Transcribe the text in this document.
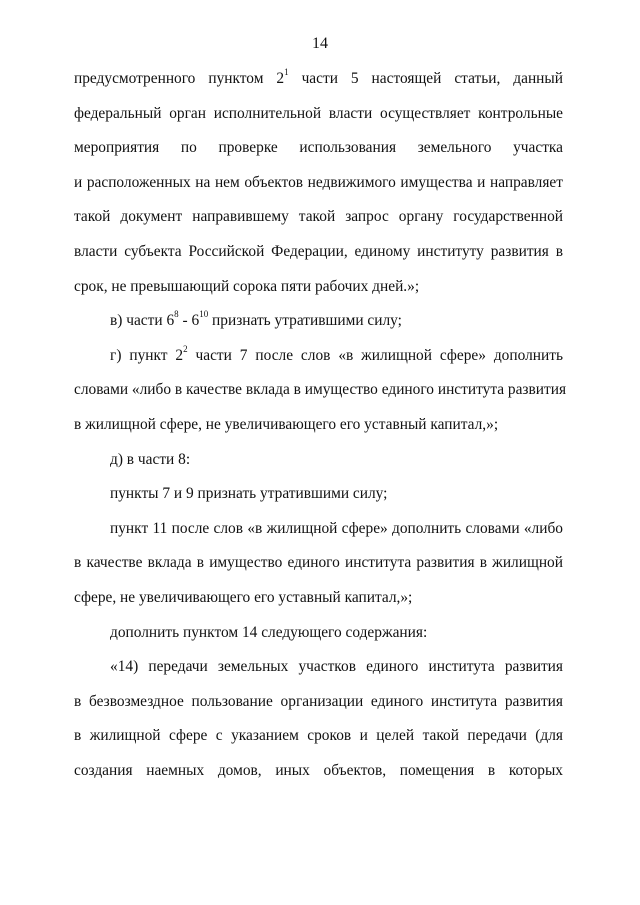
14
предусмотренного пунктом $2^1$ части 5 настоящей статьи, данный
федеральный орган исполнительной власти осуществляет контрольные
мероприятия по проверке использования земельного участка
и расположенных на нем объектов недвижимого имущества и направляет
такой документ направившему такой запрос органу государственной
власти субъекта Российской Федерации, единому институту развития в
срок, не превышающий сорока пяти рабочих дней.»;
в) части $6^8 - 6^{10}$ признать утратившими силу;
г) пункт $2^2$ части 7 после слов «в жилищной сфере» дополнить
словами «либо в качестве вклада в имущество единого института развития
в жилищной сфере, не увеличивающего его уставный капитал,»;
д) в части 8:
пункты 7 и 9 признать утратившими силу;
пункт 11 после слов «в жилищной сфере» дополнить словами «либо
в качестве вклада в имущество единого института развития в жилищной
сфере, не увеличивающего его уставный капитал,»;
дополнить пунктом 14 следующего содержания:
«14) передачи земельных участков единого института развития
в безвозмездное пользование организации единого института развития
в жилищной сфере с указанием сроков и целей такой передачи (для
создания наемных домов, иных объектов, помещения в которых
